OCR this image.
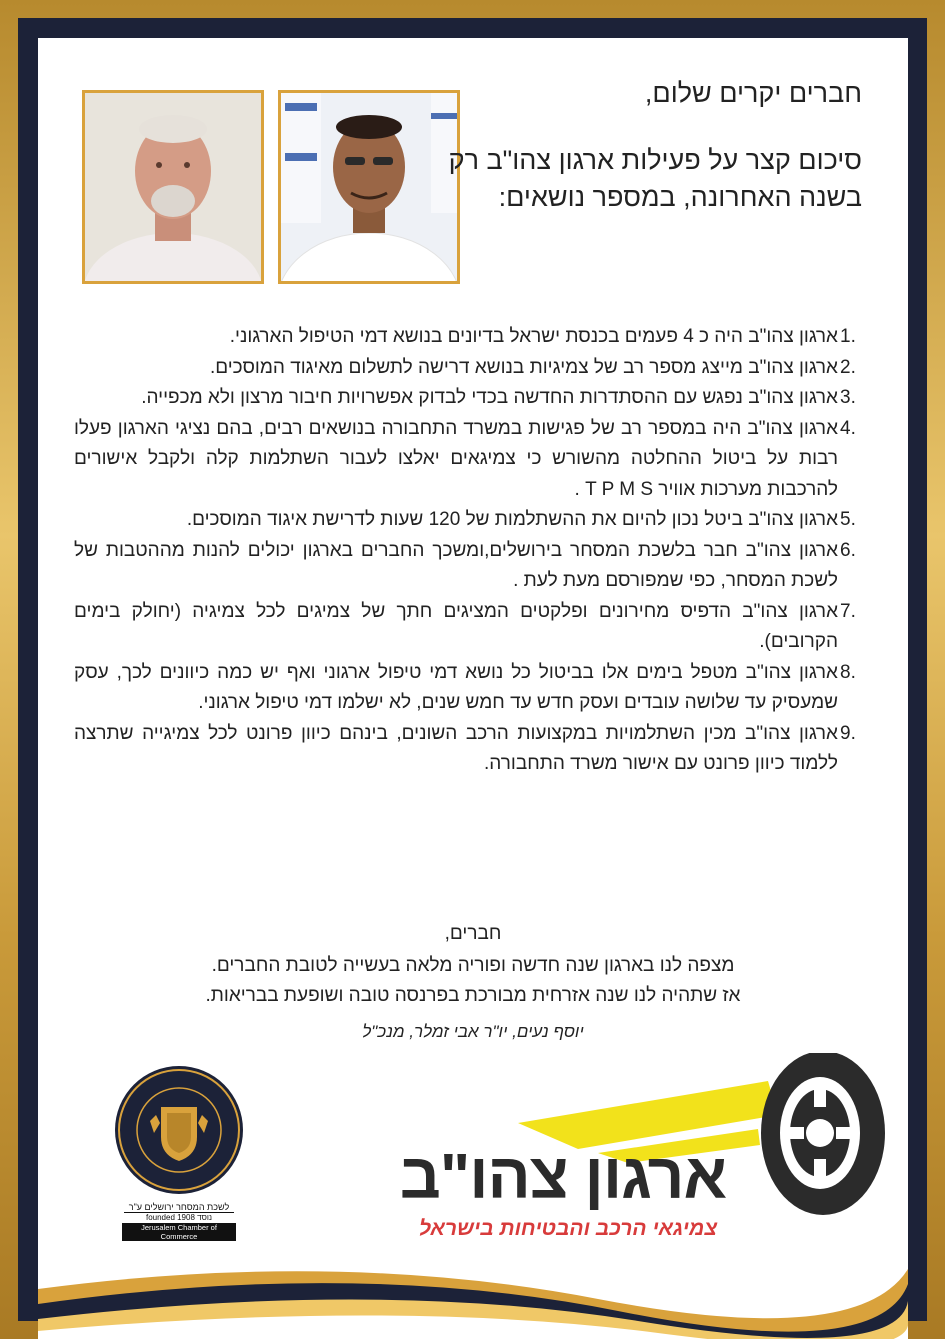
חברים יקרים שלום,
סיכום קצר על פעילות ארגון צהו"ב רק בשנה האחרונה, במספר נושאים:
1.
ארגון צהו"ב היה כ 4 פעמים בכנסת ישראל בדיונים בנושא דמי הטיפול הארגוני.
2.
ארגון צהו"ב מייצג מספר רב של צמיגיות בנושא דרישה לתשלום מאיגוד המוסכים.
3.
ארגון צהו"ב נפגש עם ההסתדרות החדשה בכדי לבדוק אפשרויות חיבור מרצון ולא מכפייה.
4.
ארגון צהו"ב היה במספר רב של פגישות במשרד התחבורה בנושאים רבים, בהם נציגי הארגון פעלו רבות על ביטול ההחלטה מהשורש כי צמיגאים יאלצו לעבור השתלמות קלה ולקבל אישורים להרכבות מערכות אוויר T P M S .
5.
ארגון צהו"ב ביטל נכון להיום את ההשתלמות של 120 שעות לדרישת איגוד המוסכים.
6.
ארגון צהו"ב חבר בלשכת המסחר בירושלים,ומשכך החברים בארגון יכולים להנות מההטבות של לשכת המסחר, כפי שמפורסם מעת לעת .
7.
ארגון צהו"ב הדפיס מחירונים ופלקטים המציגים חתך של צמיגים לכל צמיגיה (יחולק בימים הקרובים).
8.
ארגון צהו"ב מטפל בימים אלו בביטול כל נושא דמי טיפול ארגוני ואף יש כמה כיוונים לכך, עסק שמעסיק עד שלושה עובדים ועסק חדש עד חמש שנים, לא ישלמו דמי טיפול ארגוני.
9.
ארגון צהו"ב מכין השתלמויות במקצועות הרכב השונים, בינהם כיוון פרונט לכל צמיגייה שתרצה ללמוד כיוון פרונט עם אישור משרד התחבורה.
חברים,
מצפה לנו בארגון שנה חדשה ופוריה מלאה בעשייה לטובת החברים.
אז שתהיה לנו שנה אזרחית מבורכת בפרנסה טובה ושופעת בבריאות.
יוסף נעים, יו"ר אבי זמלר, מנכ"ל
לשכת המסחר ירושלים ע"ר
founded 1908 נוסד
Jerusalem Chamber of Commerce
ארגון צהו"ב
צמיגאי הרכב והבטיחות בישראל
